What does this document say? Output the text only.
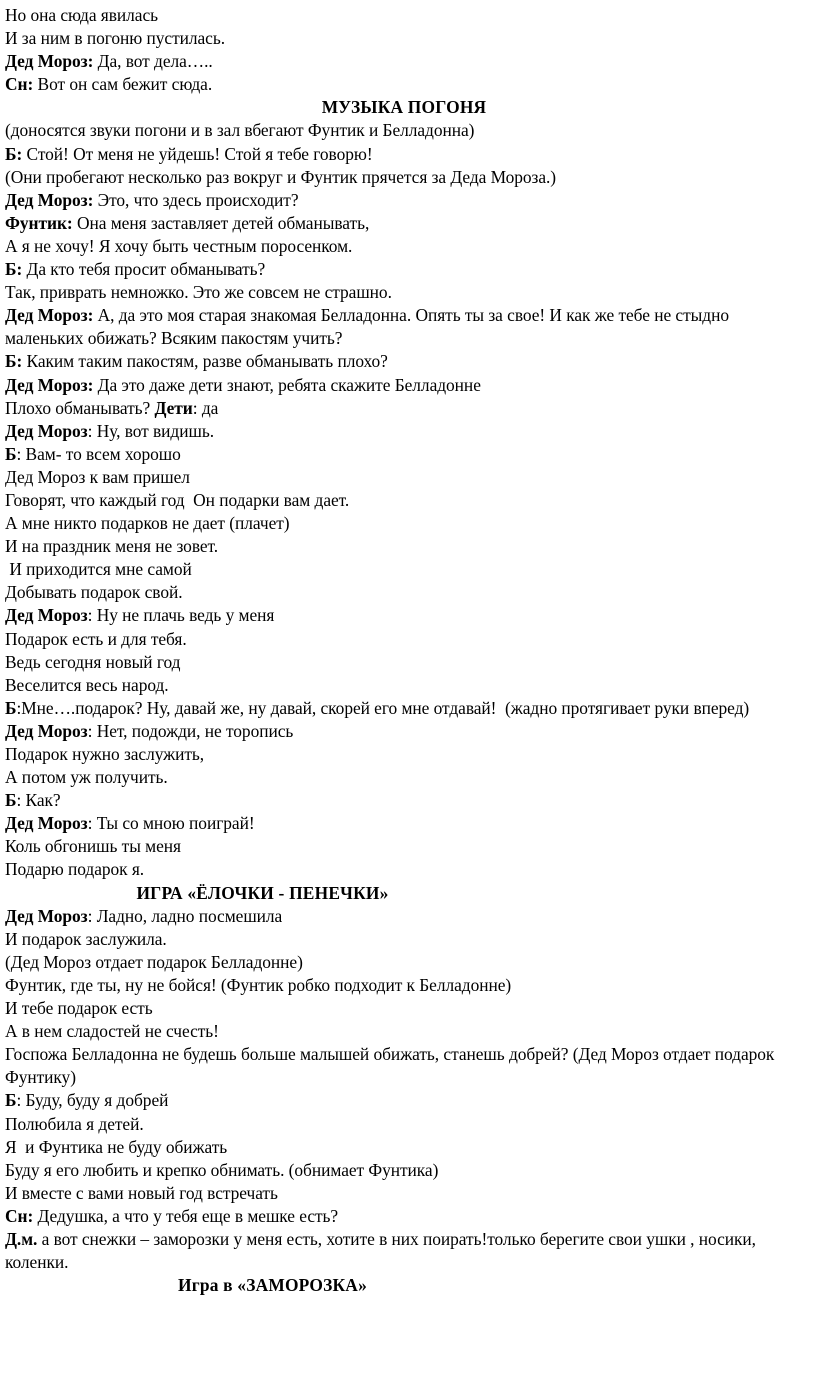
Но она сюда явилась

И за ним в погоню пустилась.

Дед Мороз: Да, вот дела…..

Сн: Вот он сам бежит сюда.

МУЗЫКА ПОГОНЯ

(доносятся звуки погони и в зал вбегают Фунтик и Белладонна)

Б: Стой! От меня не уйдешь! Стой я тебе говорю!

(Они пробегают несколько раз вокруг и Фунтик прячется за Деда Мороза.)

Дед Мороз: Это, что здесь происходит?

Фунтик: Она меня заставляет детей обманывать,

А я не хочу! Я хочу быть честным поросенком.

Б: Да кто тебя просит обманывать?

Так, приврать немножко. Это же совсем не страшно.

Дед Мороз: А, да это моя старая знакомая Белладонна. Опять ты за свое! И как же тебе не стыдно маленьких обижать? Всяким пакостям учить?

Б: Каким таким пакостям, разве обманывать плохо?

Дед Мороз: Да это даже дети знают, ребята скажите Белладонне

Плохо обманывать? Дети: да

Дед Мороз: Ну, вот видишь.

Б: Вам- то всем хорошо

Дед Мороз к вам пришел

Говорят, что каждый год  Он подарки вам дает.

А мне никто подарков не дает (плачет)

И на праздник меня не зовет.

И приходится мне самой

Добывать подарок свой.

Дед Мороз: Ну не плачь ведь у меня

Подарок есть и для тебя.

Ведь сегодня новый год

Веселится весь народ.

Б:Мне….подарок? Ну, давай же, ну давай, скорей его мне отдавай!  (жадно протягивает руки вперед)

Дед Мороз: Нет, подожди, не торопись

Подарок нужно заслужить,

А потом уж получить.

Б: Как?

Дед Мороз: Ты со мною поиграй!

Коль обгонишь ты меня

Подарю подарок я.

ИГРА «ЁЛОЧКИ - ПЕНЕЧКИ»

Дед Мороз: Ладно, ладно посмешила

И подарок заслужила.

(Дед Мороз отдает подарок Белладонне)

Фунтик, где ты, ну не бойся! (Фунтик робко подходит к Белладонне)

И тебе подарок есть

А в нем сладостей не счесть!

Госпожа Белладонна не будешь больше малышей обижать, станешь добрей? (Дед Мороз отдает подарок Фунтику)

Б: Буду, буду я добрей

Полюбила я детей.

Я  и Фунтика не буду обижать

Буду я его любить и крепко обнимать. (обнимает Фунтика)

И вместе с вами новый год встречать

Сн: Дедушка, а что у тебя еще в мешке есть?

Д.м. а вот снежки – заморозки у меня есть, хотите в них поирать!только берегите свои ушки , носики, коленки.

Игра в «ЗАМОРОЗКА»
